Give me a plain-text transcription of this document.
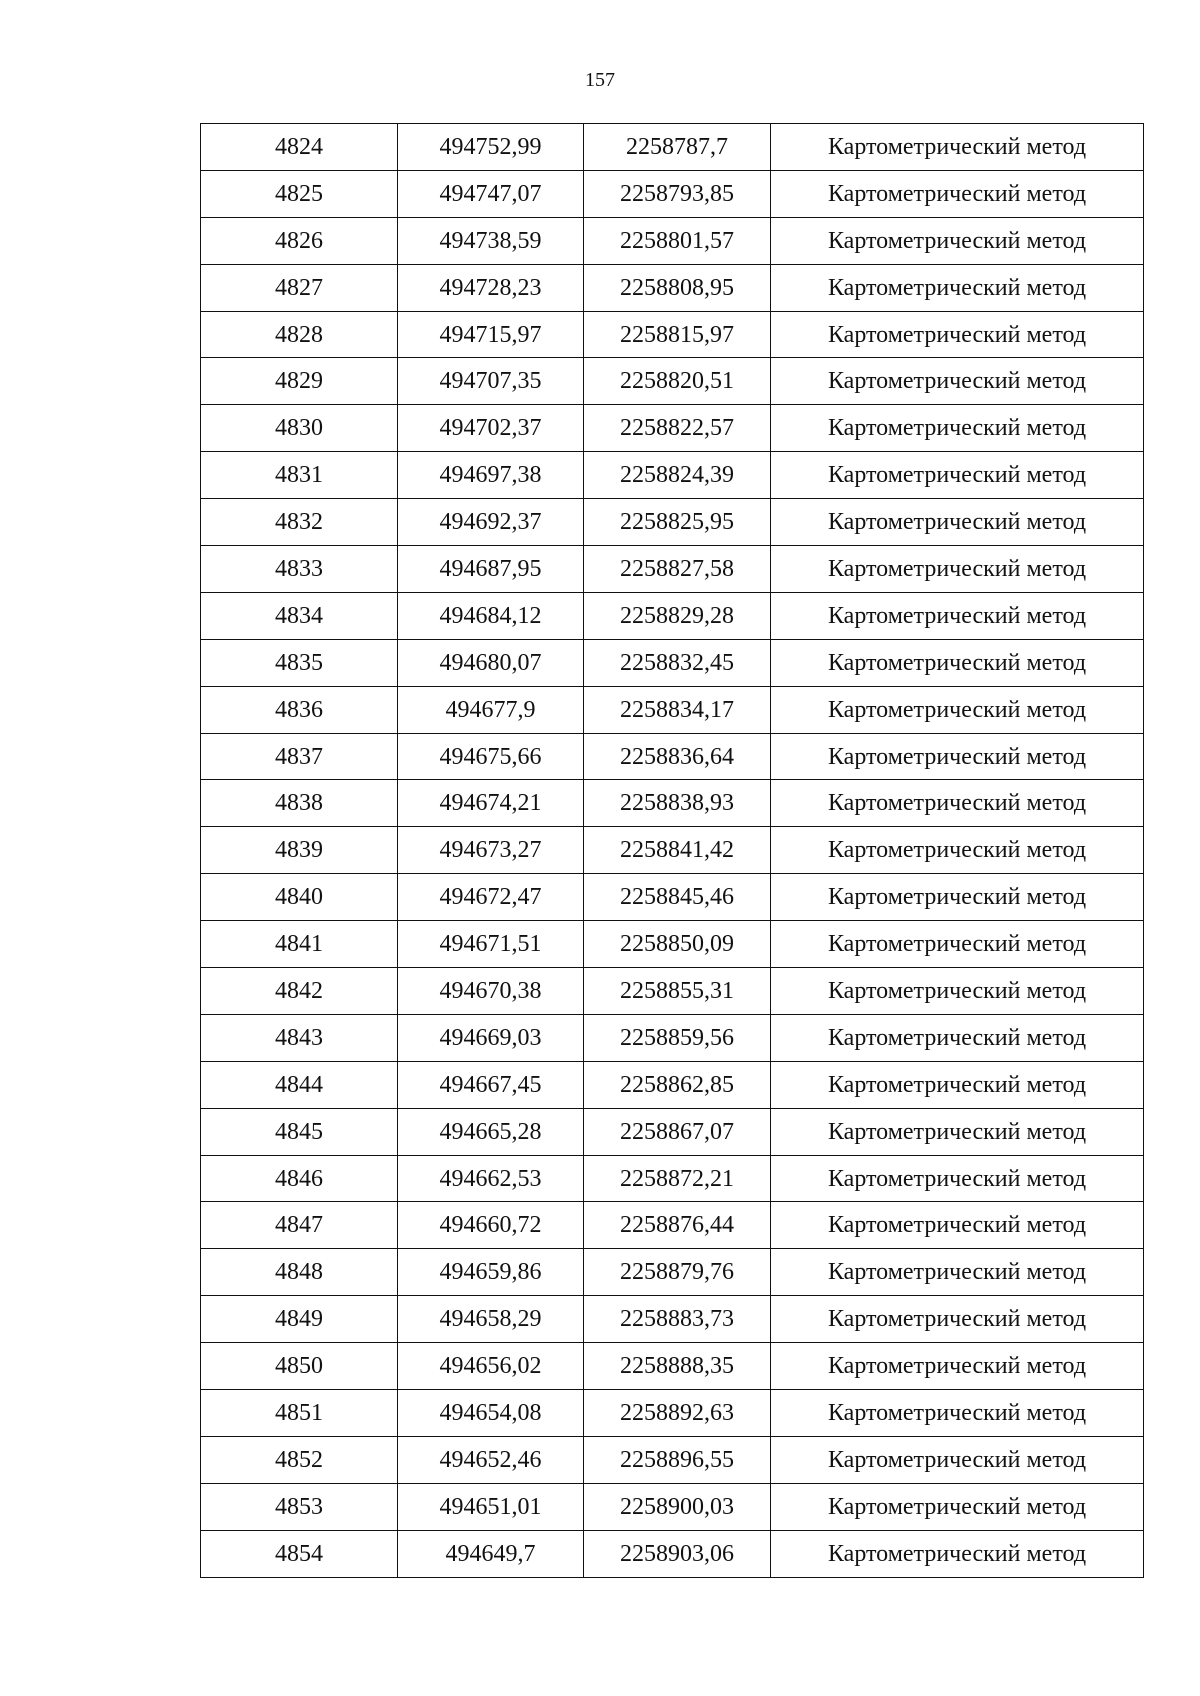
157
4824	494752,99	2258787,7	Картометрический метод
4825	494747,07	2258793,85	Картометрический метод
4826	494738,59	2258801,57	Картометрический метод
4827	494728,23	2258808,95	Картометрический метод
4828	494715,97	2258815,97	Картометрический метод
4829	494707,35	2258820,51	Картометрический метод
4830	494702,37	2258822,57	Картометрический метод
4831	494697,38	2258824,39	Картометрический метод
4832	494692,37	2258825,95	Картометрический метод
4833	494687,95	2258827,58	Картометрический метод
4834	494684,12	2258829,28	Картометрический метод
4835	494680,07	2258832,45	Картометрический метод
4836	494677,9	2258834,17	Картометрический метод
4837	494675,66	2258836,64	Картометрический метод
4838	494674,21	2258838,93	Картометрический метод
4839	494673,27	2258841,42	Картометрический метод
4840	494672,47	2258845,46	Картометрический метод
4841	494671,51	2258850,09	Картометрический метод
4842	494670,38	2258855,31	Картометрический метод
4843	494669,03	2258859,56	Картометрический метод
4844	494667,45	2258862,85	Картометрический метод
4845	494665,28	2258867,07	Картометрический метод
4846	494662,53	2258872,21	Картометрический метод
4847	494660,72	2258876,44	Картометрический метод
4848	494659,86	2258879,76	Картометрический метод
4849	494658,29	2258883,73	Картометрический метод
4850	494656,02	2258888,35	Картометрический метод
4851	494654,08	2258892,63	Картометрический метод
4852	494652,46	2258896,55	Картометрический метод
4853	494651,01	2258900,03	Картометрический метод
4854	494649,7	2258903,06	Картометрический метод
